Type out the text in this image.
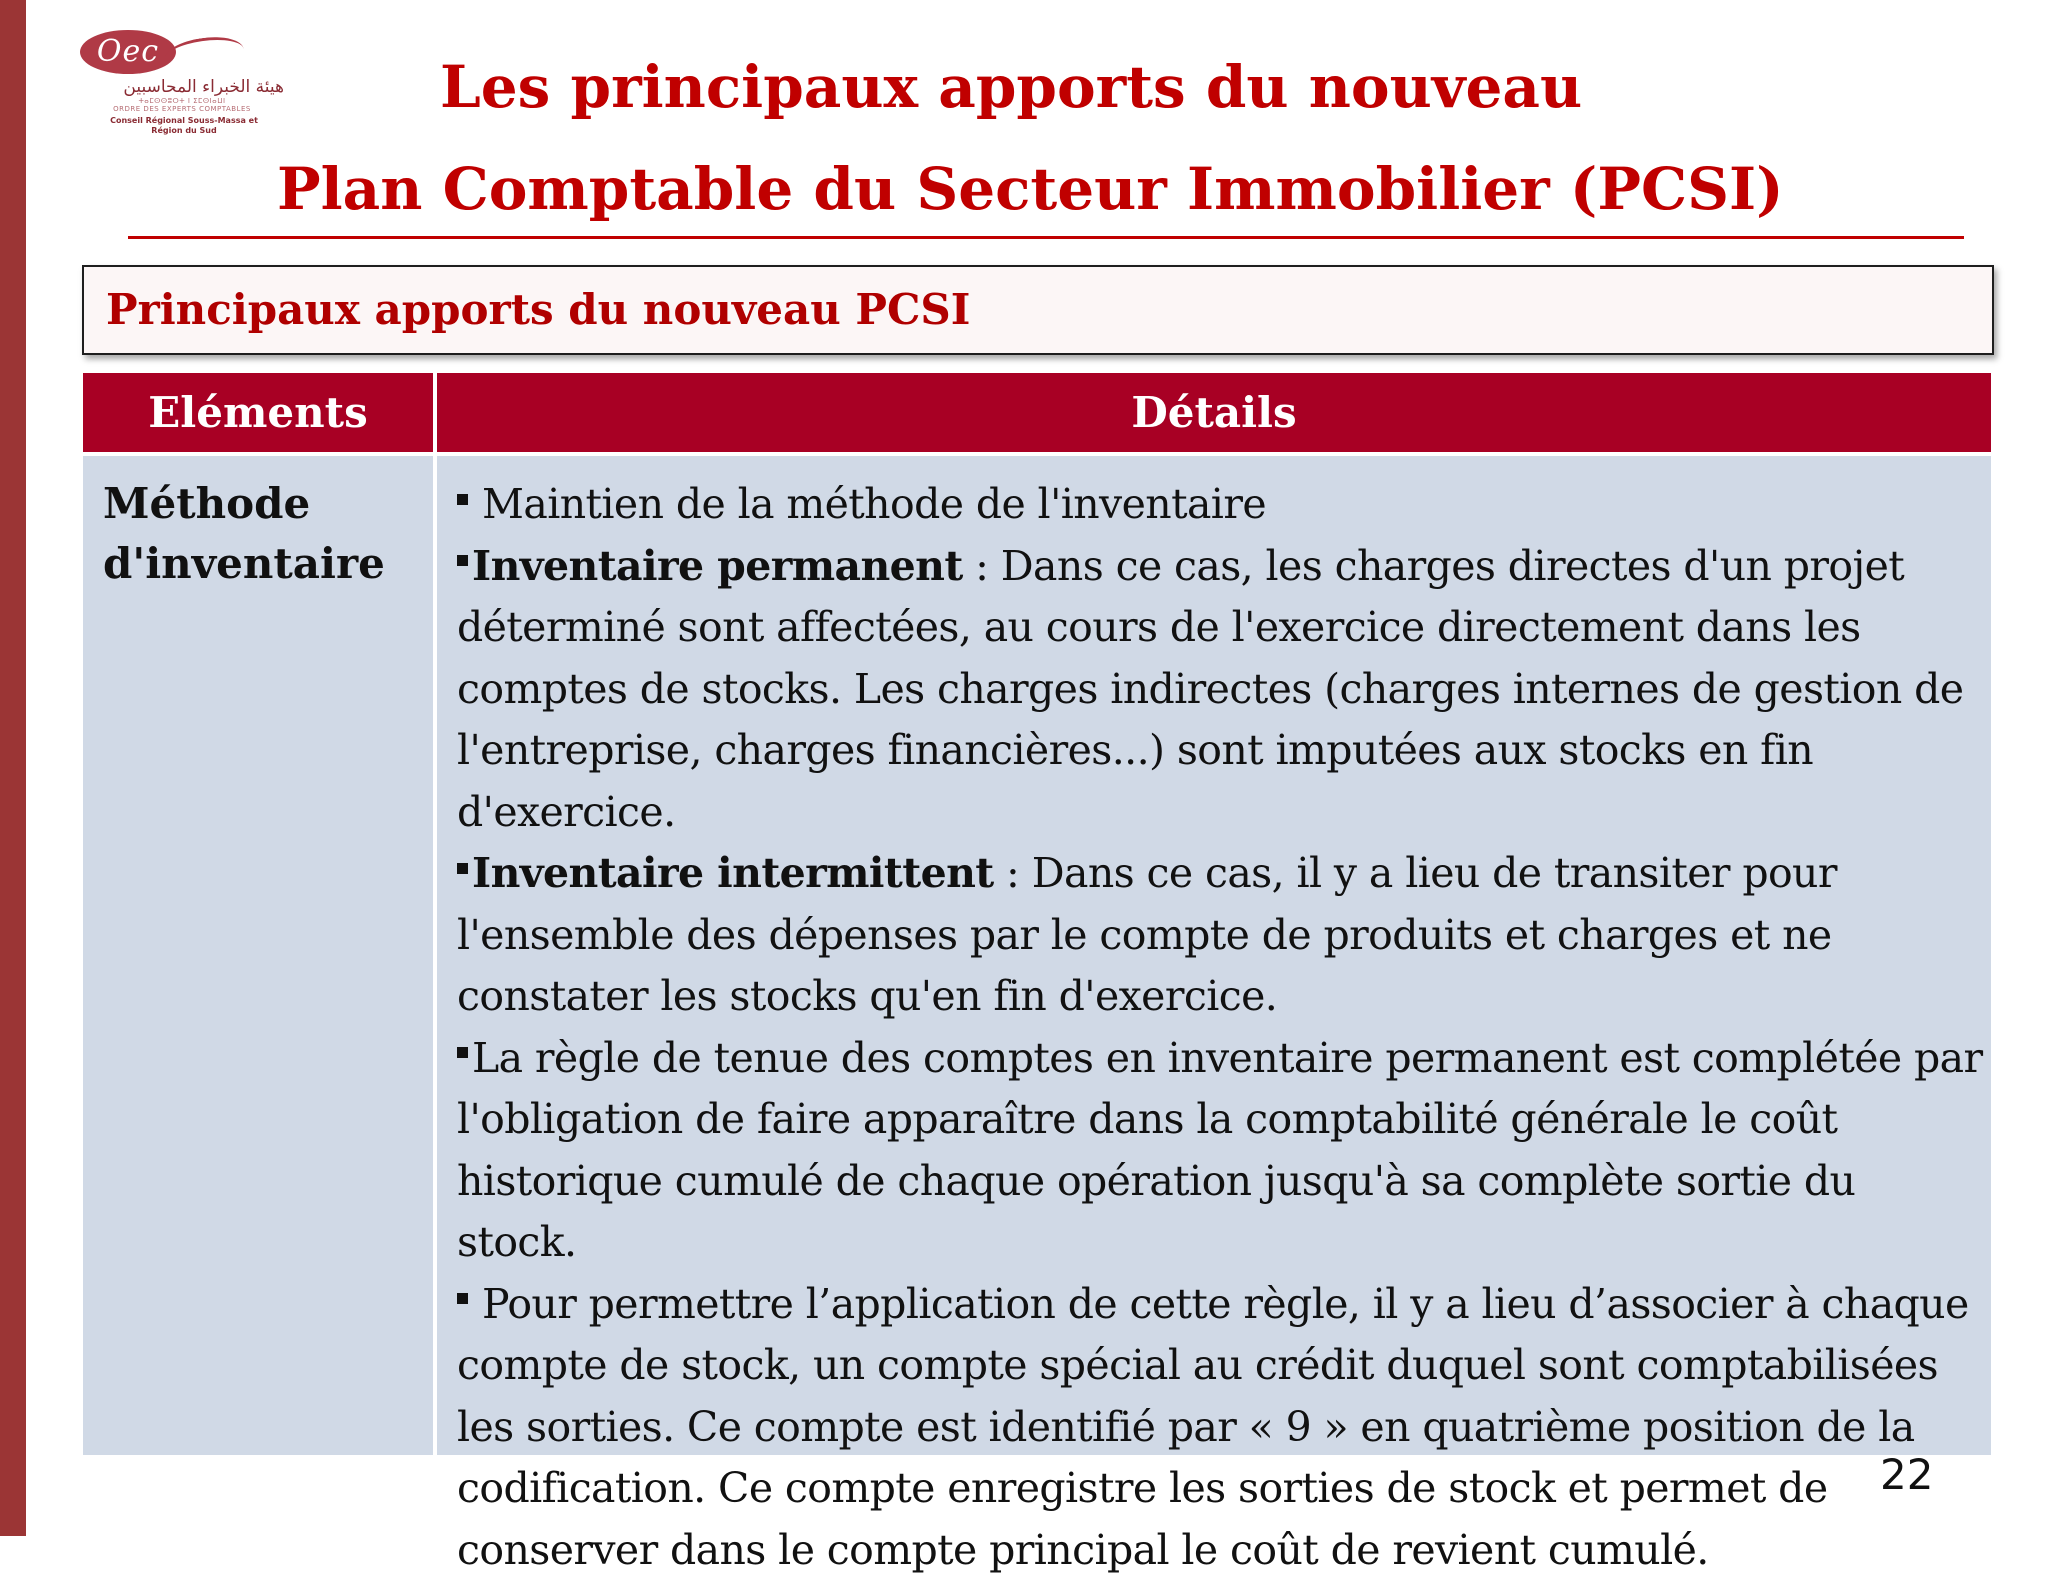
Oec
هيئة الخبراء المحاسبين
ⵜⴰⵎⵙⵙⵓⵔⵜ ⵏ ⵉⵎⵙⵏⴰⵡⵏ
ORDRE DES EXPERTS COMPTABLES
Conseil Régional Souss-Massa et
Région du Sud
Les principaux apports du nouveau
Plan Comptable du Secteur Immobilier (PCSI)
Principaux apports du nouveau PCSI
Eléments	Détails
Méthode
d'inventaire

Maintien de la méthode de l'inventaire

Inventaire permanent : Dans ce cas, les charges directes d'un projet déterminé sont affectées, au cours de l'exercice directement dans les comptes de stocks. Les charges indirectes (charges internes de gestion de l'entreprise, charges financières...) sont imputées aux stocks en fin d'exercice.

Inventaire intermittent : Dans ce cas, il y a lieu de transiter pour l'ensemble des dépenses par le compte de produits et charges et ne constater les stocks qu'en fin d'exercice.

La règle de tenue des comptes en inventaire permanent est complétée par l'obligation de faire apparaître dans la comptabilité générale le coût historique cumulé de chaque opération jusqu'à sa complète sortie du stock.

Pour permettre l’application de cette règle, il y a lieu d’associer à chaque compte de stock, un compte spécial au crédit duquel sont comptabilisées les sorties. Ce compte est identifié par « 9 » en quatrième position de la codification. Ce compte enregistre les sorties de stock et permet de conserver dans le compte principal le coût de revient cumulé.

22
